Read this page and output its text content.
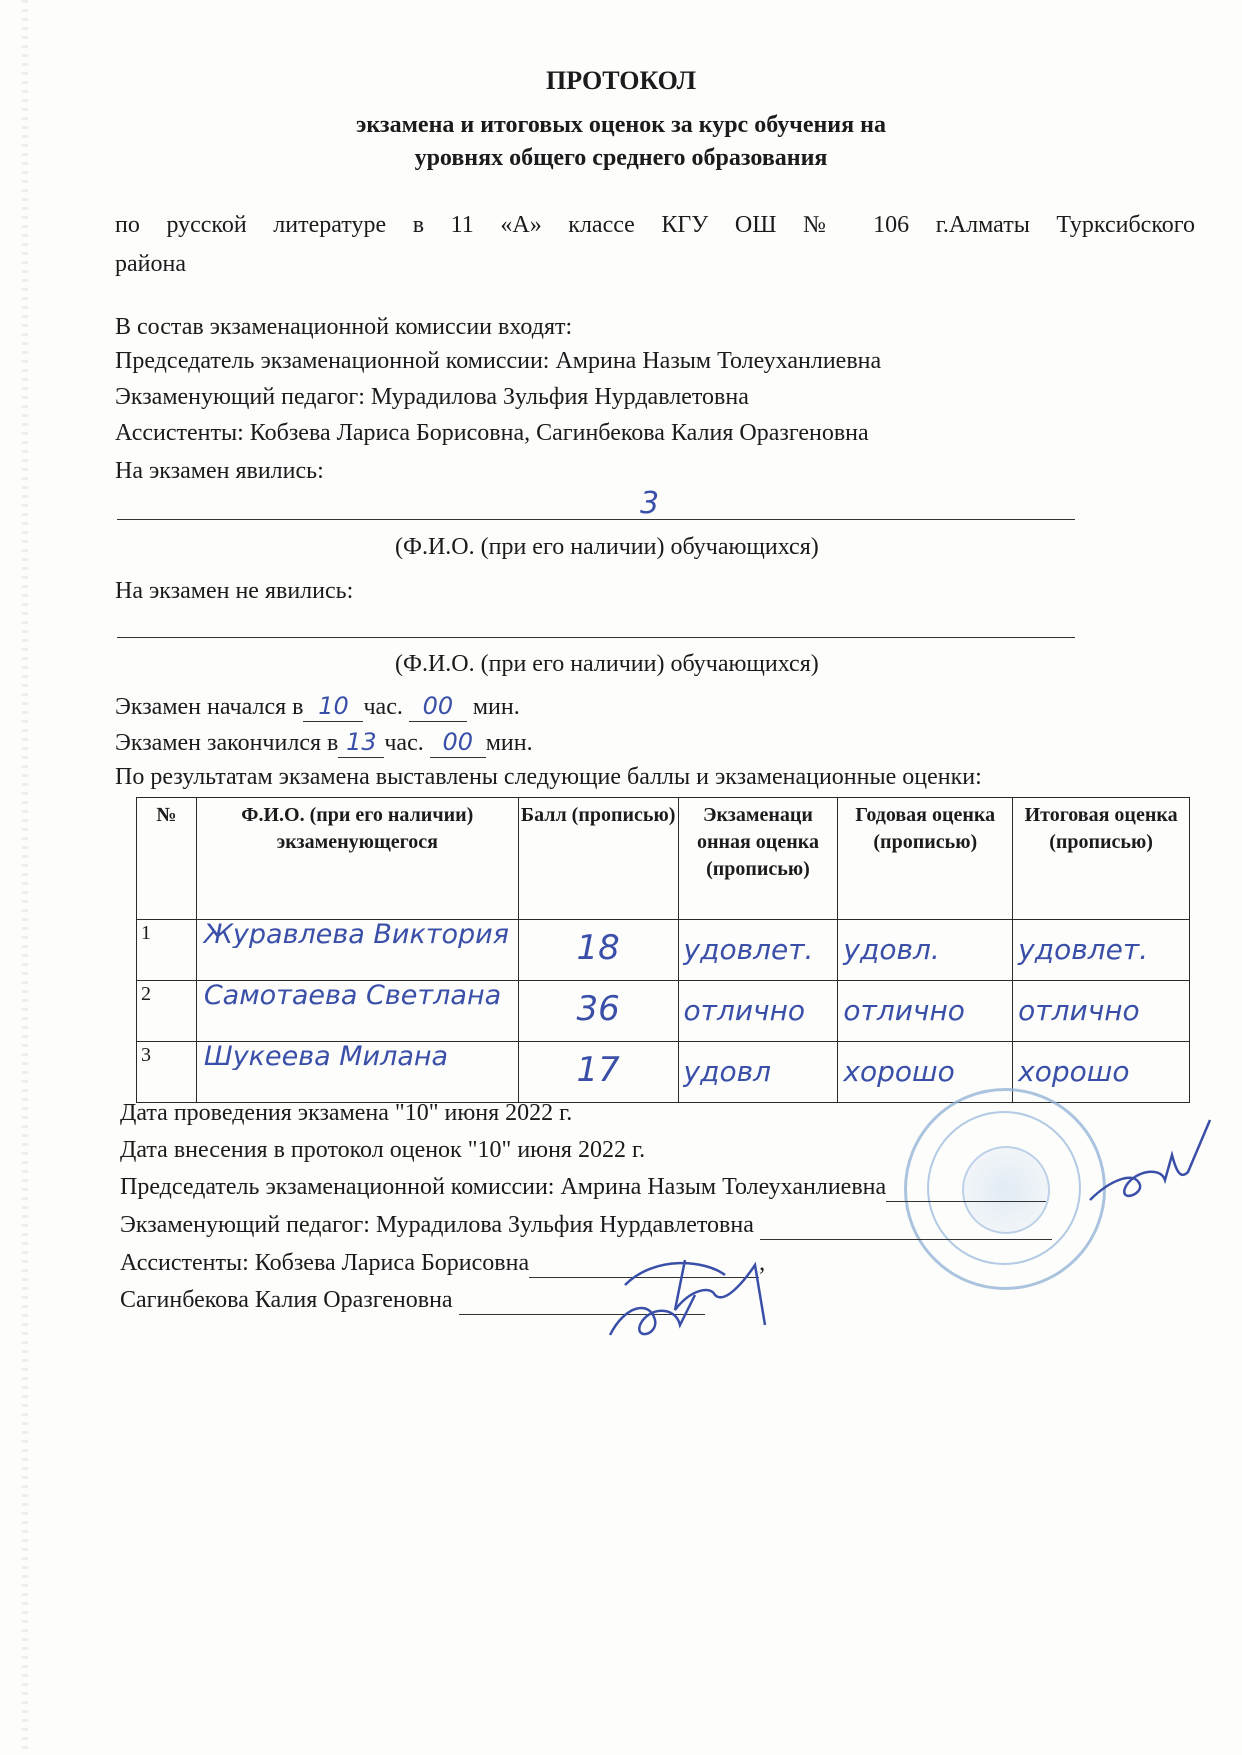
ПРОТОКОЛ
экзамена и итоговых оценок за курс обучения на
уровнях общего среднего образования
по русской литературе в 11 «А» классе КГУ ОШ № 106 г.Алматы Турксибского
района
В состав экзаменационной комиссии входят:
Председатель экзаменационной комиссии: Амрина Назым Толеуханлиевна
Экзаменующий педагог: Мурадилова Зульфия Нурдавлетовна
Ассистенты: Кобзева Лариса Борисовна, Сагинбекова Калия Оразгеновна
На экзамен явились:
3
(Ф.И.О. (при его наличии) обучающихся)
На экзамен не явились:
(Ф.И.О. (при его наличии) обучающихся)
Экзамен начался в 10 час. 00 мин.
Экзамен закончился в 13 час. 00 мин.
По результатам экзамена выставлены следующие баллы и экзаменационные оценки:
№	Ф.И.О. (при его наличии) экзаменующегося	Балл (прописью)	Экзаменаци онная оценка (прописью)	Годовая оценка (прописью)	Итоговая оценка (прописью)
1	Журавлева Виктория	18	удовлет.	удовл.	удовлет.

2	Самотаева Светлана	36	отлично	отлично	отлично

3	Шукеева Милана	17	удовл	хорошо	хорошо
Дата проведения экзамена "10" июня 2022 г.
Дата внесения в протокол оценок "10" июня 2022 г.
Председатель экзаменационной комиссии: Амрина Назым Толеуханлиевна
Экзаменующий педагог: Мурадилова Зульфия Нурдавлетовна
Ассистенты: Кобзева Лариса Борисовна	,
Сагинбекова Калия Оразгеновна
